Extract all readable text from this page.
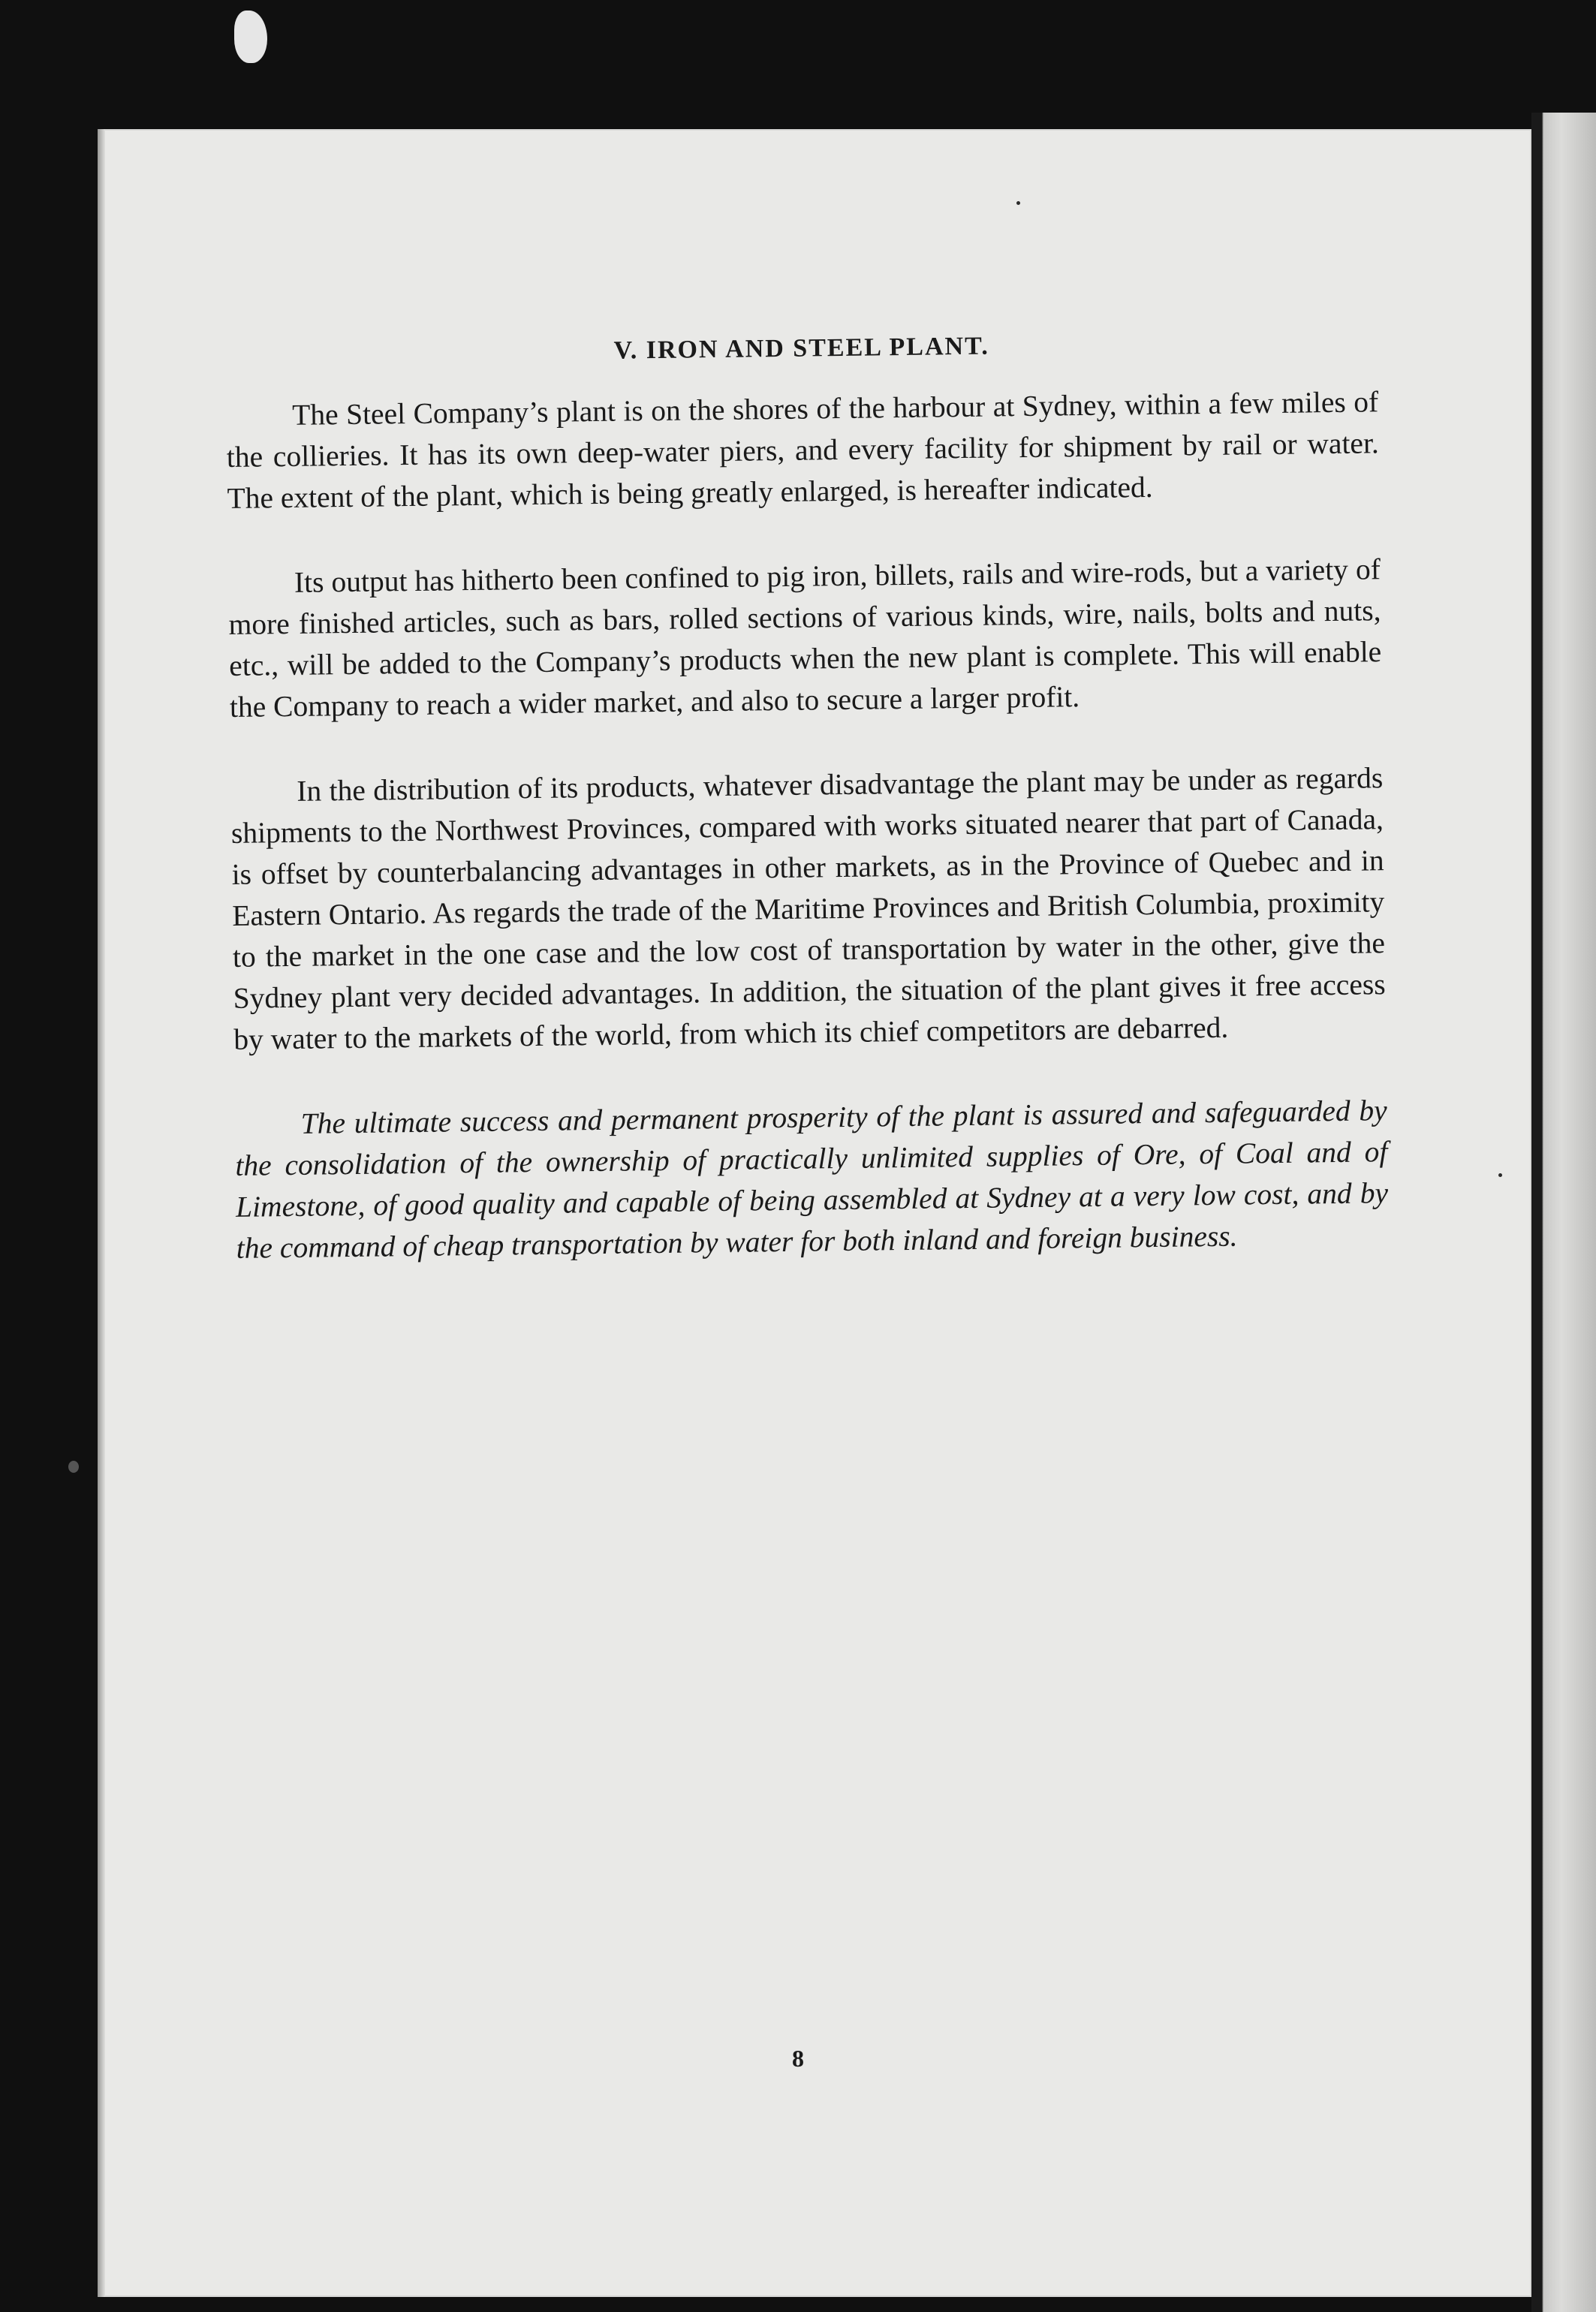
V. IRON AND STEEL PLANT.

The Steel Company’s plant is on the shores of the harbour at Sydney, within a few miles of the collieries. It has its own deep-water piers, and every facility for shipment by rail or water. The extent of the plant, which is being greatly enlarged, is hereafter indicated.

Its output has hitherto been confined to pig iron, billets, rails and wire-rods, but a variety of more finished articles, such as bars, rolled sections of various kinds, wire, nails, bolts and nuts, etc., will be added to the Company’s products when the new plant is complete. This will enable the Company to reach a wider market, and also to secure a larger profit.

In the distribution of its products, whatever disadvantage the plant may be under as regards shipments to the Northwest Provinces, compared with works situated nearer that part of Canada, is offset by counterbalancing advantages in other markets, as in the Province of Quebec and in Eastern Ontario. As regards the trade of the Maritime Provinces and British Columbia, proximity to the market in the one case and the low cost of transportation by water in the other, give the Sydney plant very decided advantages. In addition, the situation of the plant gives it free access by water to the markets of the world, from which its chief competitors are debarred.

The ultimate success and permanent prosperity of the plant is assured and safeguarded by the consolidation of the ownership of practically unlimited supplies of Ore, of Coal and of Limestone, of good quality and capable of being assembled at Sydney at a very low cost, and by the command of cheap transportation by water for both inland and foreign business.

8
